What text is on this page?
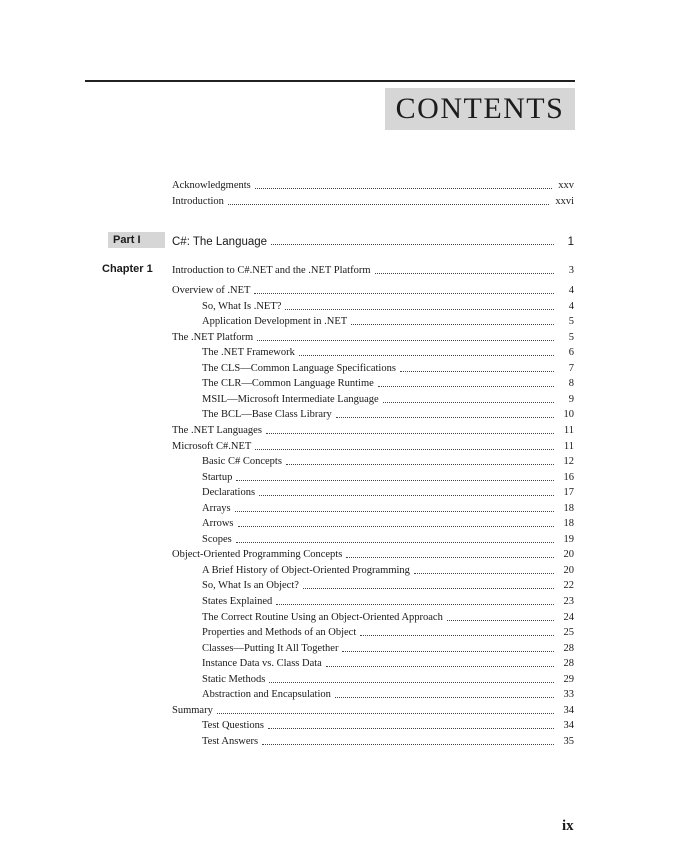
CONTENTS
Acknowledgments	xxv
Introduction	xxvi
Part I	C#: The Language	1
Chapter 1 Introduction to C#.NET and the .NET Platform	3
Overview of .NET	4
So, What Is .NET?	4
Application Development in .NET	5
The .NET Platform	5
The .NET Framework	6
The CLS—Common Language Specifications	7
The CLR—Common Language Runtime	8
MSIL—Microsoft Intermediate Language	9
The BCL—Base Class Library	10
The .NET Languages	11
Microsoft C#.NET	11
Basic C# Concepts	12
Startup	16
Declarations	17
Arrays	18
Arrows	18
Scopes	19
Object-Oriented Programming Concepts	20
A Brief History of Object-Oriented Programming	20
So, What Is an Object?	22
States Explained	23
The Correct Routine Using an Object-Oriented Approach	24
Properties and Methods of an Object	25
Classes—Putting It All Together	28
Instance Data vs. Class Data	28
Static Methods	29
Abstraction and Encapsulation	33
Summary	34
Test Questions	34
Test Answers	35
ix
